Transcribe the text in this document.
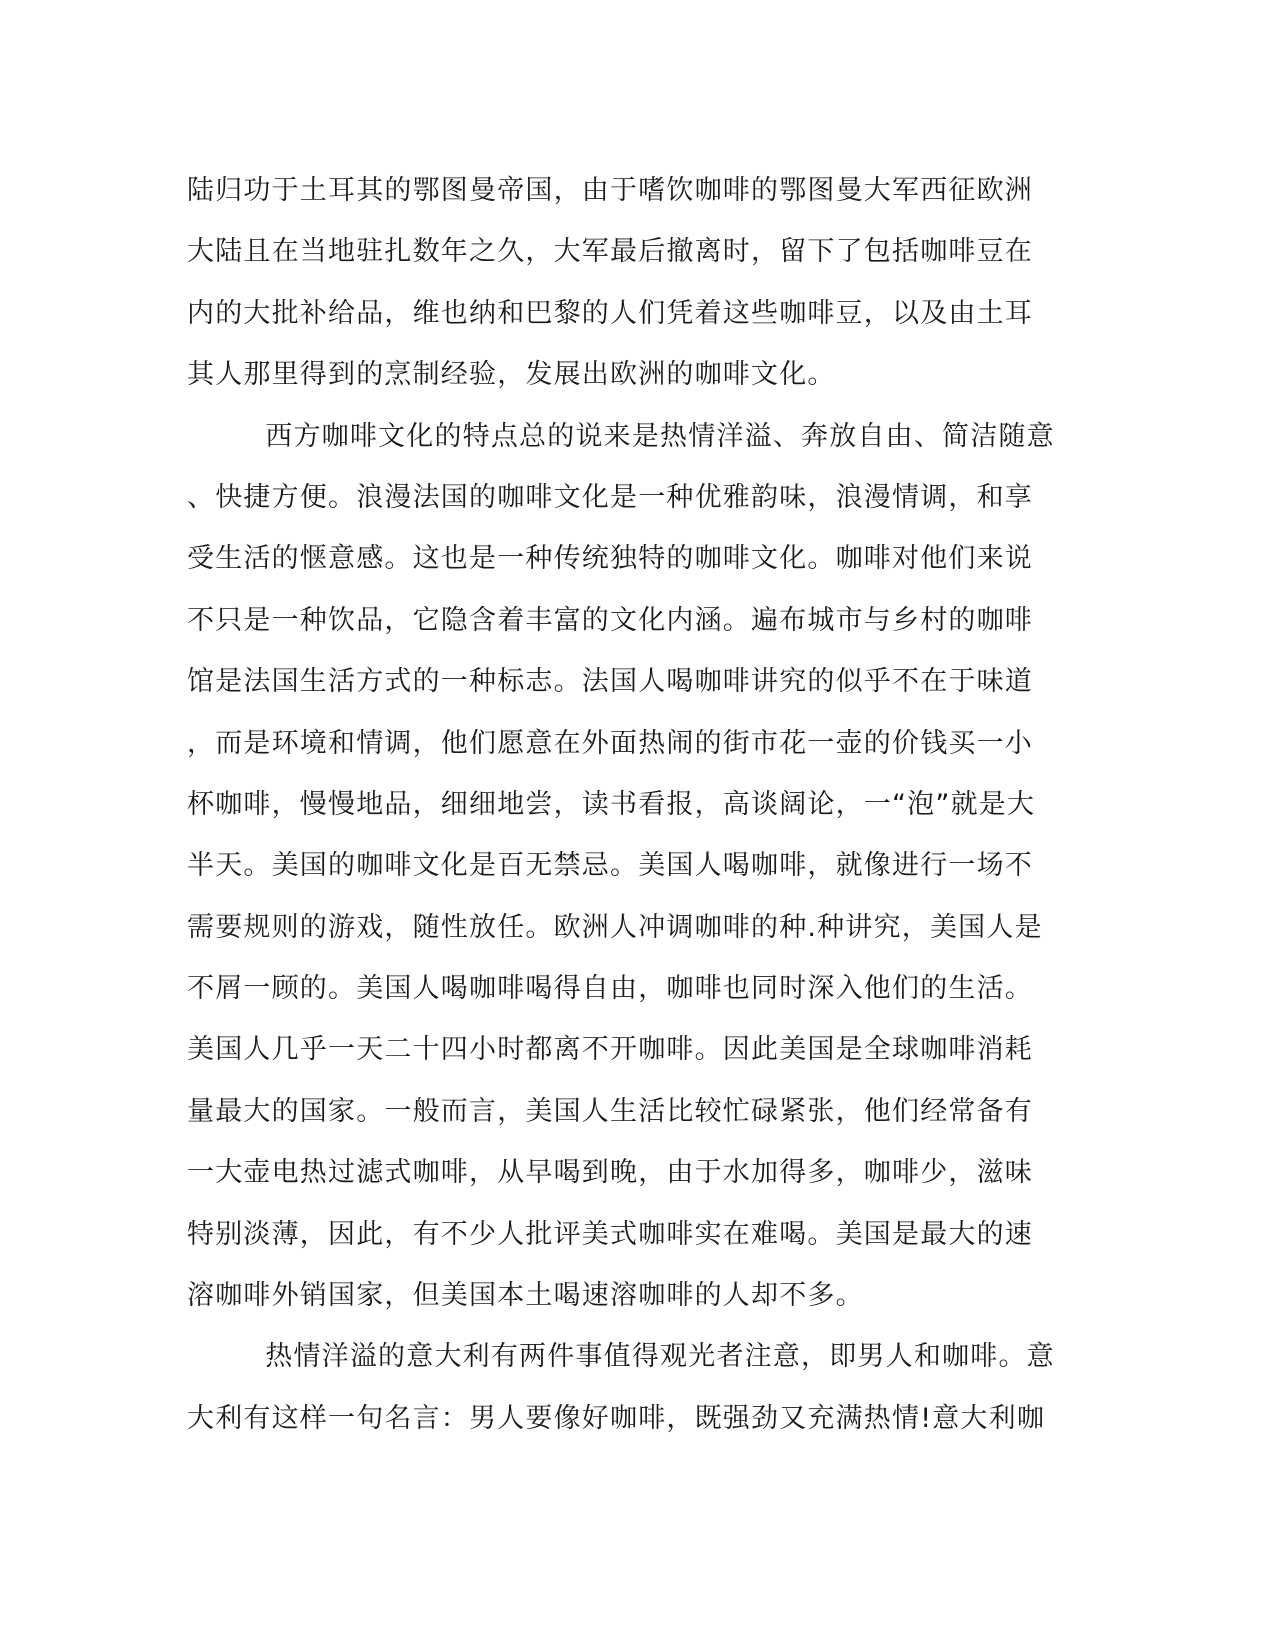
陆归功于土耳其的鄂图曼帝国，由于嗜饮咖啡的鄂图曼大军西征欧洲
大陆且在当地驻扎数年之久，大军最后撤离时，留下了包括咖啡豆在
内的大批补给品，维也纳和巴黎的人们凭着这些咖啡豆，以及由土耳
其人那里得到的烹制经验，发展出欧洲的咖啡文化。
西方咖啡文化的特点总的说来是热情洋溢、奔放自由、简洁随意
、快捷方便。浪漫法国的咖啡文化是一种优雅韵味，浪漫情调，和享
受生活的惬意感。这也是一种传统独特的咖啡文化。咖啡对他们来说
不只是一种饮品，它隐含着丰富的文化内涵。遍布城市与乡村的咖啡
馆是法国生活方式的一种标志。法国人喝咖啡讲究的似乎不在于味道
，而是环境和情调，他们愿意在外面热闹的街市花一壶的价钱买一小
杯咖啡，慢慢地品，细细地尝，读书看报，高谈阔论，一“泡”就是大
半天。美国的咖啡文化是百无禁忌。美国人喝咖啡，就像进行一场不
需要规则的游戏，随性放任。欧洲人冲调咖啡的种.种讲究，美国人是
不屑一顾的。美国人喝咖啡喝得自由，咖啡也同时深入他们的生活。
美国人几乎一天二十四小时都离不开咖啡。因此美国是全球咖啡消耗
量最大的国家。一般而言，美国人生活比较忙碌紧张，他们经常备有
一大壶电热过滤式咖啡，从早喝到晚，由于水加得多，咖啡少，滋味
特别淡薄，因此，有不少人批评美式咖啡实在难喝。美国是最大的速
溶咖啡外销国家，但美国本土喝速溶咖啡的人却不多。
热情洋溢的意大利有两件事值得观光者注意，即男人和咖啡。意
大利有这样一句名言：男人要像好咖啡，既强劲又充满热情!意大利咖
